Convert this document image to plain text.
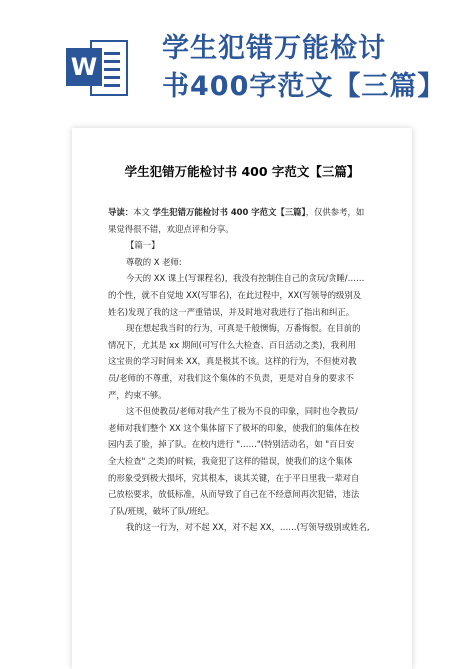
W
学生犯错万能检讨
书400字范文【三篇】
学生犯错万能检讨书 400 字范文【三篇】

导读：本文 学生犯错万能检讨书 400 字范文【三篇】，仅供参考，如

果觉得很不错，欢迎点评和分享。

【篇一】

尊敬的 X 老师:

今天的 XX 课上(写课程名)，我没有控制住自己的贪玩/贪睡/……

的个性，就不自觉地 XX(写罪名)，在此过程中，XX(写领导的级别及

姓名)发现了我的这一严重错误，并及时地对我进行了指出和纠正。

现在想起我当时的行为，可真是千般懊悔，万番悔恨。在目前的

情况下，尤其是 xx 期间(可写什么大检查、百日活动之类)，我利用

这宝贵的学习时间来 XX，真是极其不该。这样的行为，不但使对教

员/老师的不尊重，对我们这个集体的不负责，更是对自身的要求不

严，约束不够。

这不但使教员/老师对我产生了极为不良的印象，同时也令教员/

老师对我们整个 XX 这个集体留下了极坏的印象，使我们的集体在校

园内丢了脸，掉了队。在校内进行 "……"(特别活动名，如 "百日安

全大检查" 之类)的时候，我竟犯了这样的错误，使我们的这个集体

的形象受到极大损坏，究其根本，谈其关键，在于平日里我一辈对自

己放松要求，放低标准，从而导致了自己在不经意间再次犯错，违法

了队/班规，破坏了队/班纪。

我的这一行为，对不起 XX，对不起 XX，……(写领导级别或姓名,
